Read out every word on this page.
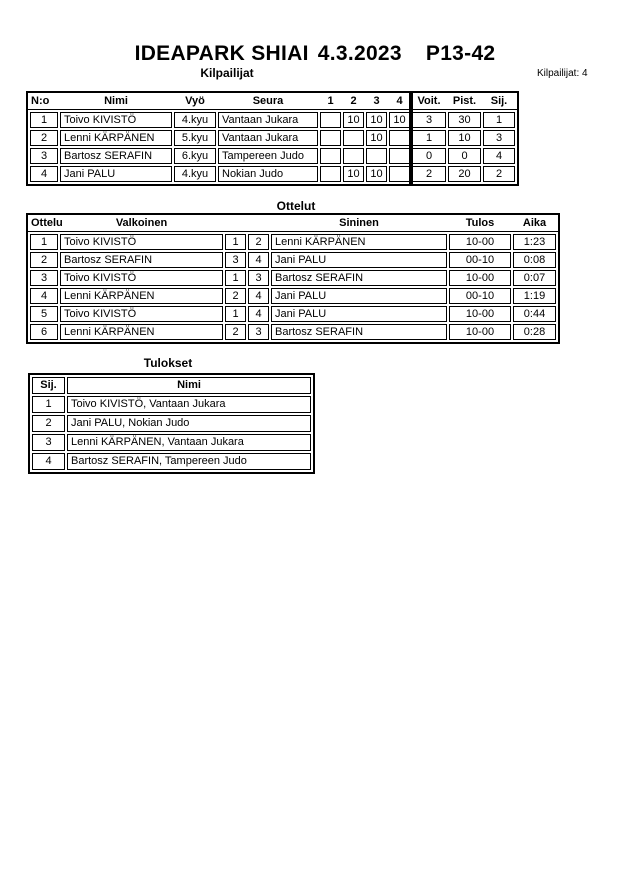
IDEAPARK SHIAI 4.3.2023 P13-42
Kilpailijat	Kilpailijat: 4
N:o	Nimi	Vyö	Seura	1	2	3	4	Voit.	Pist.	Sij.
1	Toivo KIVISTÖ	4.kyu	Vantaan Jukara		10	10	10	3	30	1
2	Lenni KÄRPÄNEN	5.kyu	Vantaan Jukara			10		1	10	3
3	Bartosz SERAFIN	6.kyu	Tampereen Judo					0	0	4
4	Jani PALU	4.kyu	Nokian Judo		10	10		2	20	2
Ottelut
Ottelu	Valkoinen			Sininen	Tulos	Aika
1	Toivo KIVISTÖ	1	2	Lenni KÄRPÄNEN	10-00	1:23
2	Bartosz SERAFIN	3	4	Jani PALU	00-10	0:08
3	Toivo KIVISTÖ	1	3	Bartosz SERAFIN	10-00	0:07
4	Lenni KÄRPÄNEN	2	4	Jani PALU	00-10	1:19
5	Toivo KIVISTÖ	1	4	Jani PALU	10-00	0:44
6	Lenni KÄRPÄNEN	2	3	Bartosz SERAFIN	10-00	0:28
Tulokset
Sij.	Nimi
1	Toivo KIVISTÖ, Vantaan Jukara
2	Jani PALU, Nokian Judo
3	Lenni KÄRPÄNEN, Vantaan Jukara
4	Bartosz SERAFIN, Tampereen Judo
